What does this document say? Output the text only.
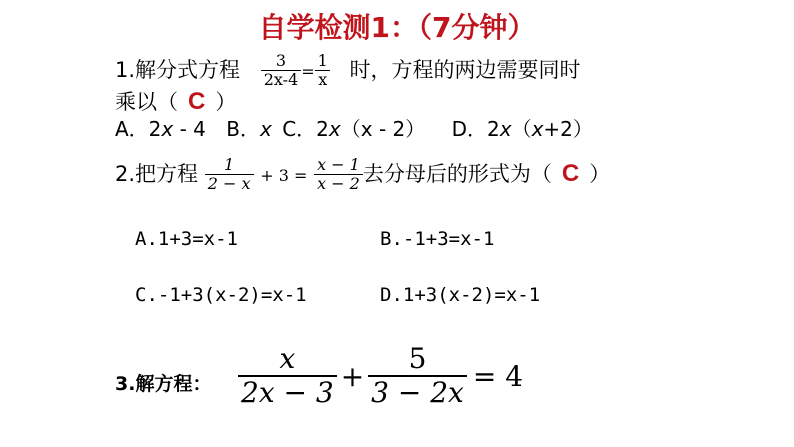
自学检测1：（7分钟）
1.解分式方程 $\frac{3}{2x-4} = \frac{1}{x}$ 时，方程的两边需要同时
乘以（ C ）
A．2x - 4 B．x C．2x（x - 2） D．2x（x+2）
2.把方程 $\frac{1}{2 - x} + 3 = \frac{x - 1}{x - 2}$ 去分母后的形式为（ C ）
A.1+3=x-1	B.-1+3=x-1
C.-1+3(x-2)=x-1	D.1+3(x-2)=x-1
3.解方程： $\frac{x}{2x - 3} + \frac{5}{3 - 2x} = 4$
